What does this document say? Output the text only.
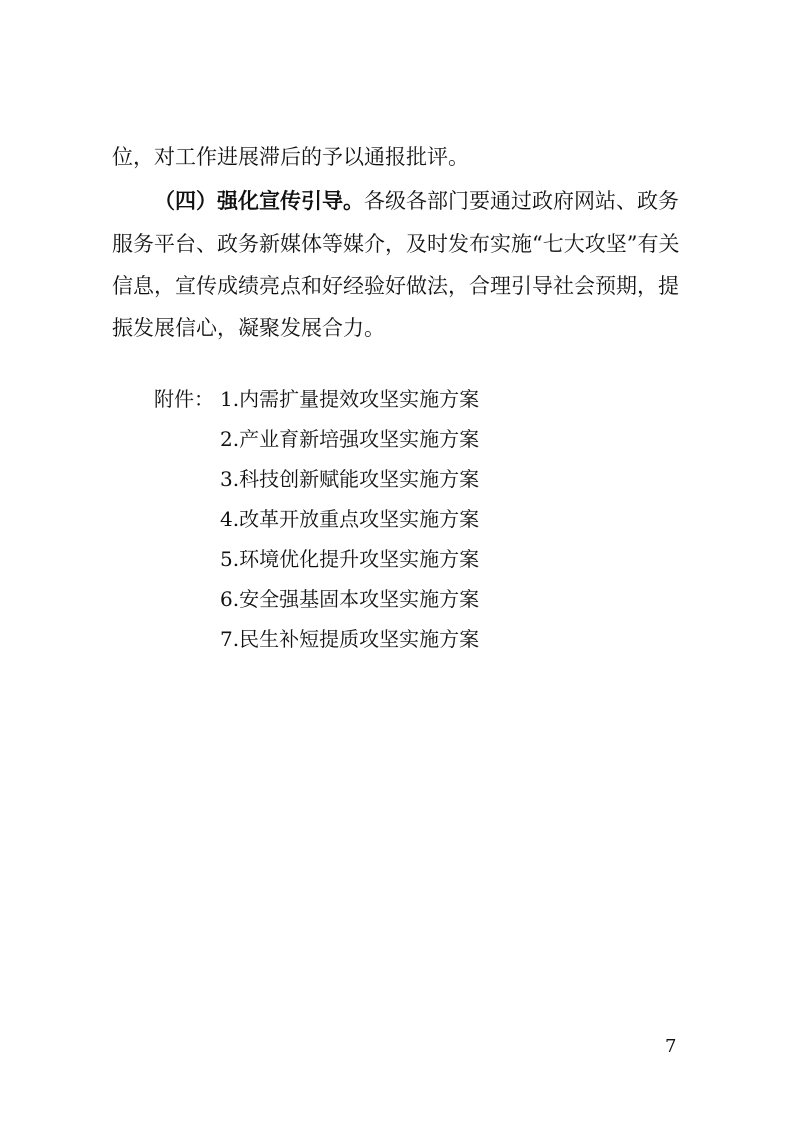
位，对工作进展滞后的予以通报批评。

（四）强化宣传引导。各级各部门要通过政府网站、政务

服务平台、政务新媒体等媒介，及时发布实施“七大攻坚”有关

信息，宣传成绩亮点和好经验好做法，合理引导社会预期，提

振发展信心，凝聚发展合力。

附件： 1.内需扩量提效攻坚实施方案
2.产业育新培强攻坚实施方案
3.科技创新赋能攻坚实施方案
4.改革开放重点攻坚实施方案
5.环境优化提升攻坚实施方案
6.安全强基固本攻坚实施方案
7.民生补短提质攻坚实施方案
7
